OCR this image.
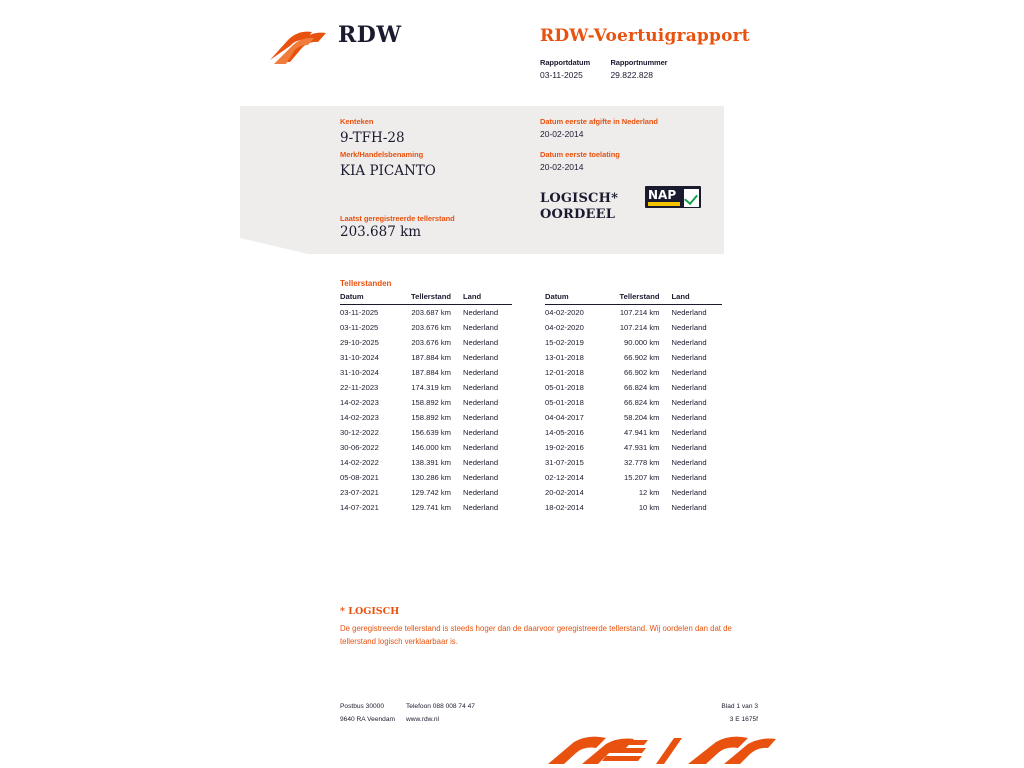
RDW	RDW-Voertuigrapport
Rapportdatum
03-11-2025

Rapportnummer
29.822.828
Kenteken
9-TFH-28
Merk/Handelsbenaming
KIA PICANTO
Laatst geregistreerde tellerstand
203.687 km
Datum eerste afgifte in Nederland
20-02-2014
Datum eerste toelating
20-02-2014
LOGISCH*
OORDEEL
NAP
Tellerstanden
Datum	Tellerstand	Land
03-11-2025	203.687 km	Nederland
03-11-2025	203.676 km	Nederland
29-10-2025	203.676 km	Nederland
31-10-2024	187.884 km	Nederland
31-10-2024	187.884 km	Nederland
22-11-2023	174.319 km	Nederland
14-02-2023	158.892 km	Nederland
14-02-2023	158.892 km	Nederland
30-12-2022	156.639 km	Nederland
30-06-2022	146.000 km	Nederland
14-02-2022	138.391 km	Nederland
05-08-2021	130.286 km	Nederland
23-07-2021	129.742 km	Nederland
14-07-2021	129.741 km	Nederland
Datum	Tellerstand	Land
04-02-2020	107.214 km	Nederland
04-02-2020	107.214 km	Nederland
15-02-2019	90.000 km	Nederland
13-01-2018	66.902 km	Nederland
12-01-2018	66.902 km	Nederland
05-01-2018	66.824 km	Nederland
05-01-2018	66.824 km	Nederland
04-04-2017	58.204 km	Nederland
14-05-2016	47.941 km	Nederland
19-02-2016	47.931 km	Nederland
31-07-2015	32.778 km	Nederland
02-12-2014	15.207 km	Nederland
20-02-2014	12 km	Nederland
18-02-2014	10 km	Nederland
* LOGISCH
De geregistreerde tellerstand is steeds hoger dan de daarvoor geregistreerde tellerstand. Wij oordelen dan dat de tellerstand logisch verklaarbaar is.
Postbus 30000
9640 RA Veendam
Telefoon 088 008 74 47
www.rdw.nl
Blad 1 van 3
3 E 1675f
